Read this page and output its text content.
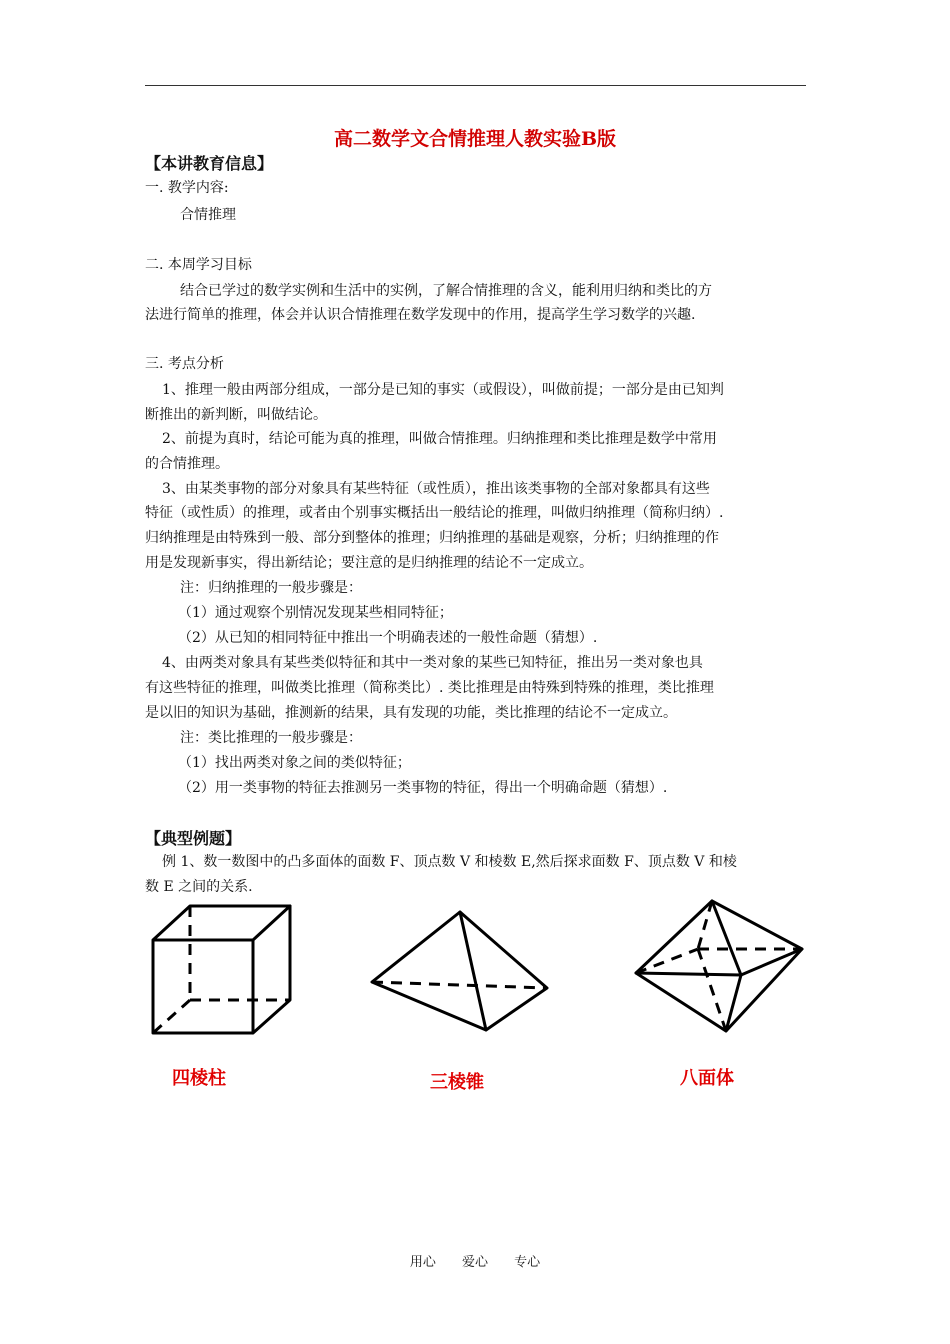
高二数学文合情推理人教实验B版
【本讲教育信息】
一. 教学内容:
合情推理
二. 本周学习目标
结合已学过的数学实例和生活中的实例，了解合情推理的含义，能利用归纳和类比的方
法进行简单的推理，体会并认识合情推理在数学发现中的作用，提高学生学习数学的兴趣.
三. 考点分析
1、推理一般由两部分组成，一部分是已知的事实（或假设），叫做前提；一部分是由已知判
断推出的新判断，叫做结论。
2、前提为真时，结论可能为真的推理，叫做合情推理。归纳推理和类比推理是数学中常用
的合情推理。
3、由某类事物的部分对象具有某些特征（或性质），推出该类事物的全部对象都具有这些
特征（或性质）的推理，或者由个别事实概括出一般结论的推理，叫做归纳推理（简称归纳）.
归纳推理是由特殊到一般、部分到整体的推理；归纳推理的基础是观察，分析；归纳推理的作
用是发现新事实，得出新结论；要注意的是归纳推理的结论不一定成立。
注：归纳推理的一般步骤是：
（1）通过观察个别情况发现某些相同特征；
（2）从已知的相同特征中推出一个明确表述的一般性命题（猜想）.
4、由两类对象具有某些类似特征和其中一类对象的某些已知特征，推出另一类对象也具
有这些特征的推理，叫做类比推理（简称类比）. 类比推理是由特殊到特殊的推理，类比推理
是以旧的知识为基础，推测新的结果，具有发现的功能，类比推理的结论不一定成立。
注：类比推理的一般步骤是：
（1）找出两类对象之间的类似特征；
（2）用一类事物的特征去推测另一类事物的特征，得出一个明确命题（猜想）.
【典型例题】
例 1、数一数图中的凸多面体的面数 F、顶点数 V 和棱数 E,然后探求面数 F、顶点数 V 和棱
数 E 之间的关系.
四棱柱	三棱锥	八面体
用心 爱心 专心
